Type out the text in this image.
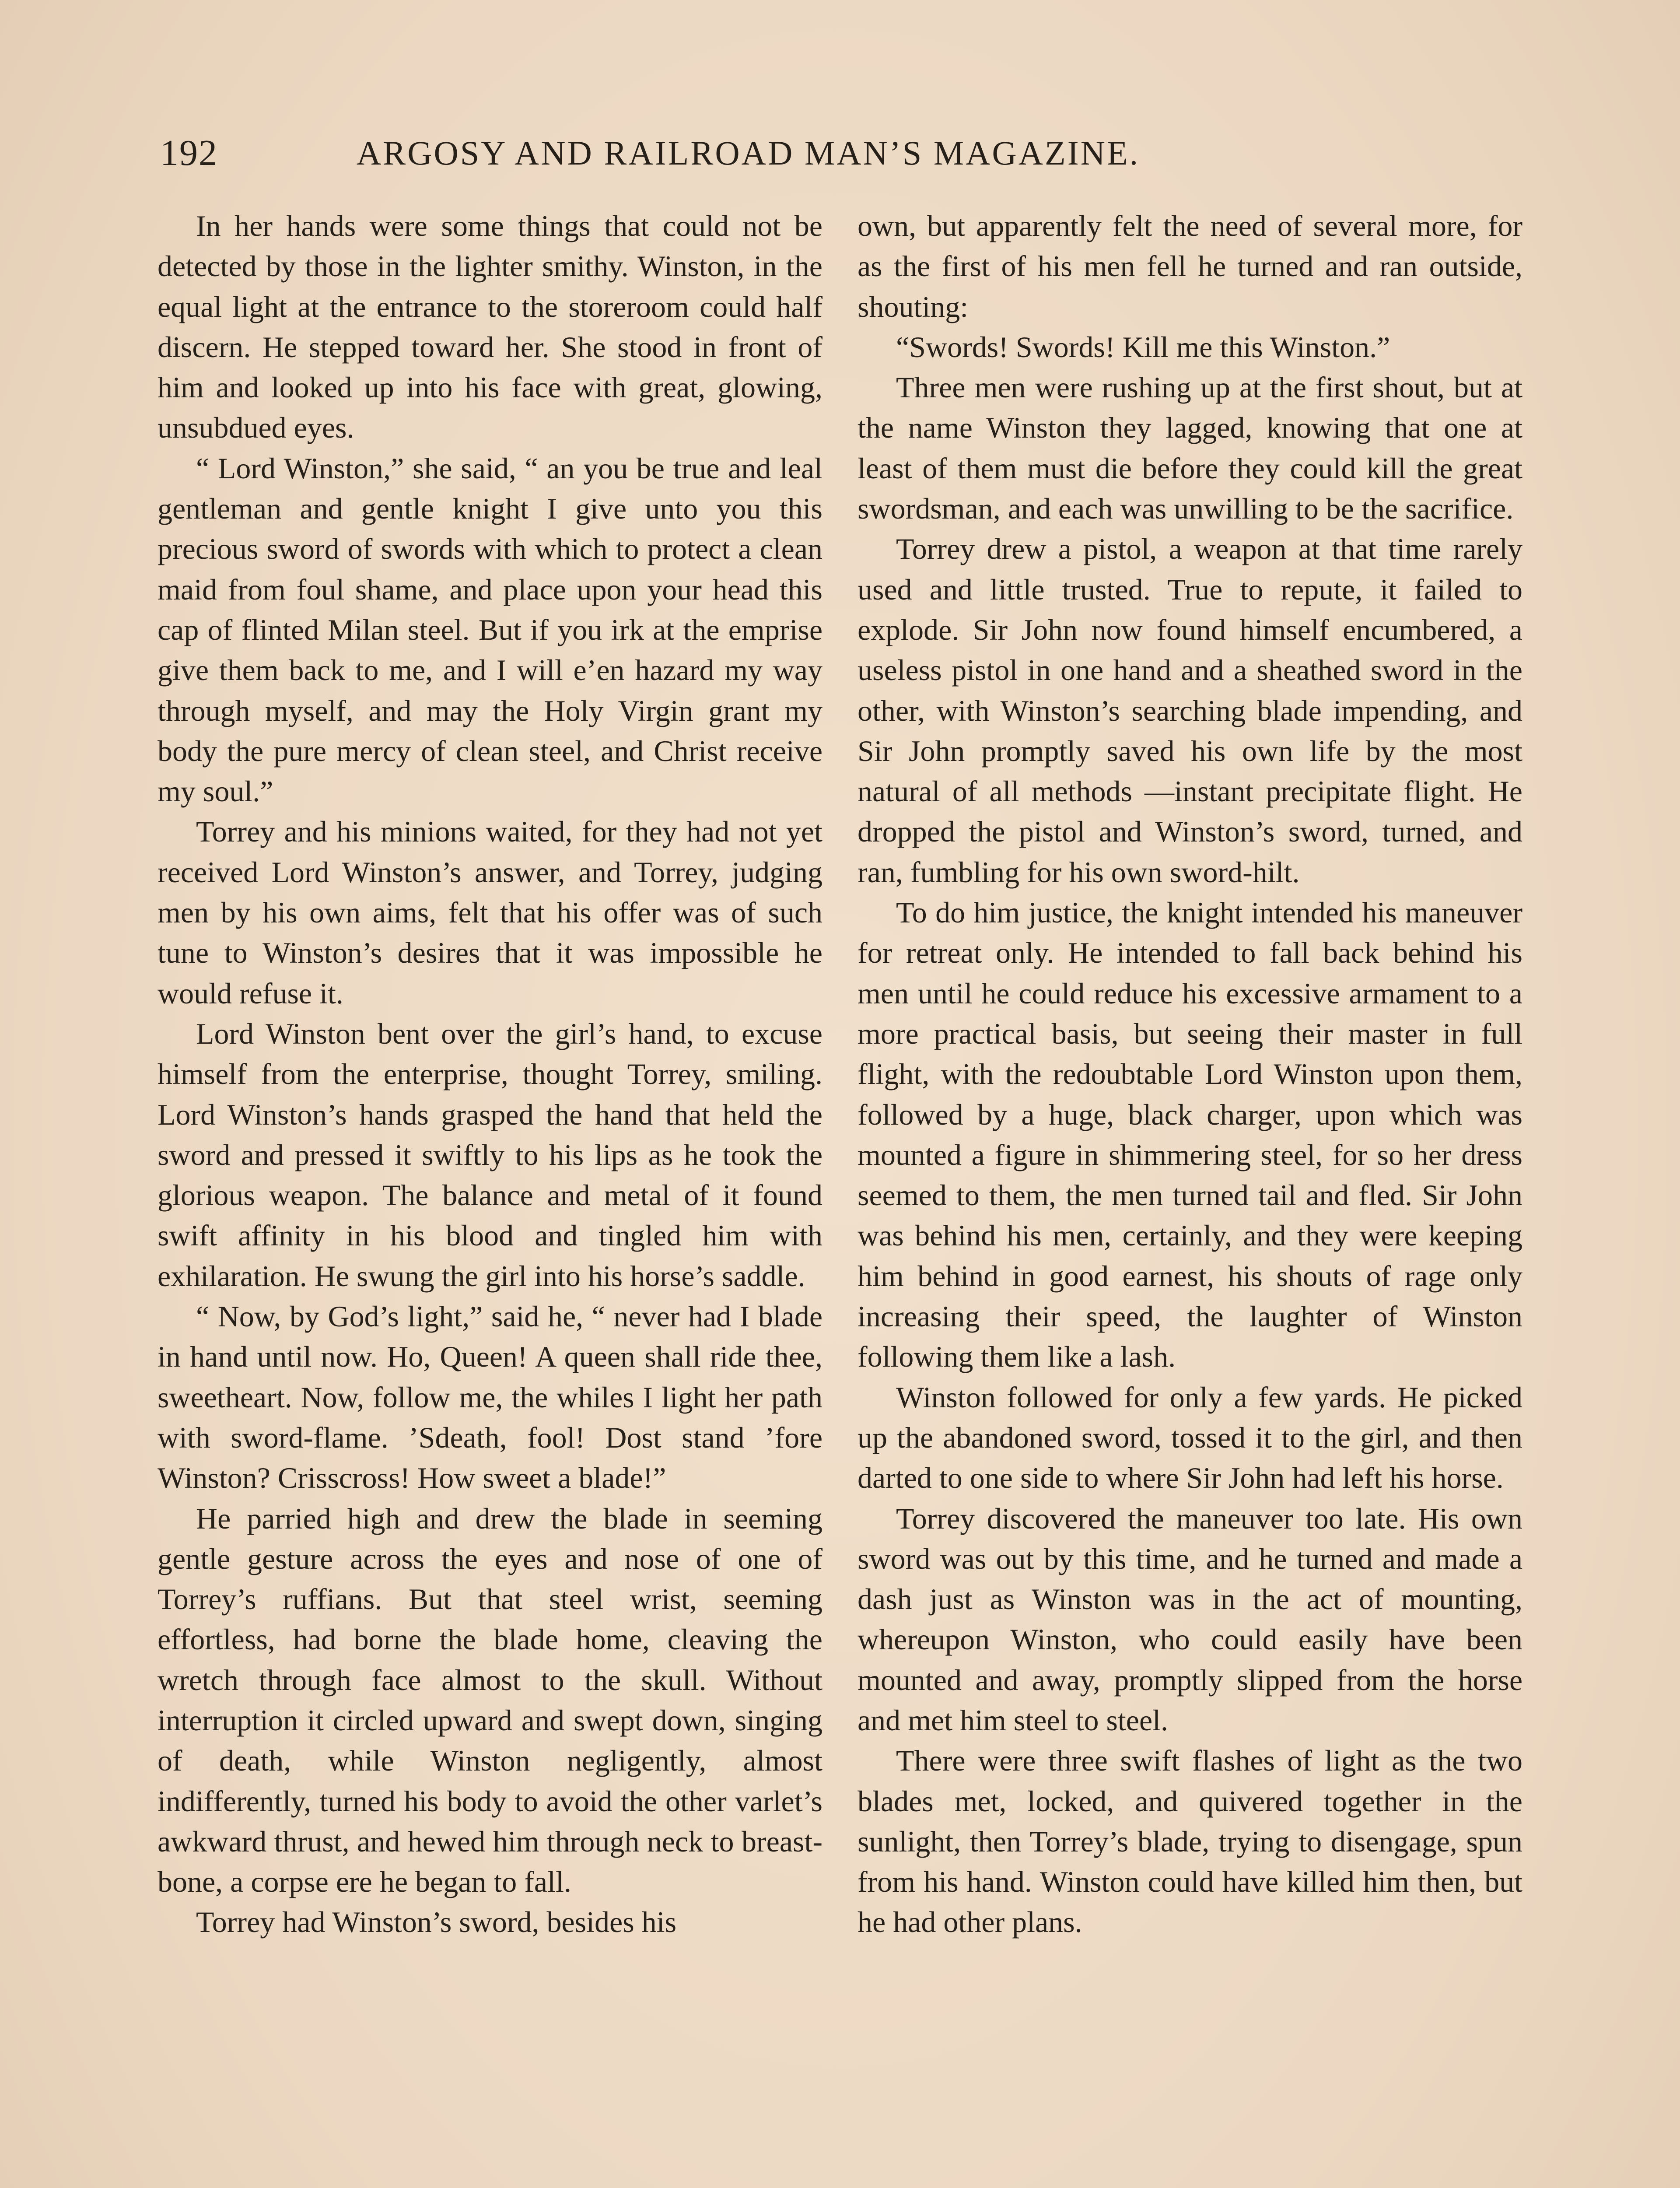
192	ARGOSY AND RAILROAD MAN’S MAGAZINE.

In her hands were some things that could not be detected by those in the lighter smithy. Winston, in the equal light at the entrance to the storeroom could half discern. He stepped toward her. She stood in front of him and looked up into his face with great, glowing, unsubdued eyes.

“ Lord Winston,” she said, “ an you be true and leal gentleman and gentle knight I give unto you this precious sword of swords with which to protect a clean maid from foul shame, and place upon your head this cap of flinted Milan steel. But if you irk at the emprise give them back to me, and I will e’en hazard my way through myself, and may the Holy Virgin grant my body the pure mercy of clean steel, and Christ receive my soul.”

Torrey and his minions waited, for they had not yet received Lord Winston’s answer, and Torrey, judging men by his own aims, felt that his offer was of such tune to Winston’s desires that it was impossible he would refuse it.

Lord Winston bent over the girl’s hand, to excuse himself from the enterprise, thought Torrey, smiling. Lord Winston’s hands grasped the hand that held the sword and pressed it swiftly to his lips as he took the glorious weapon. The balance and metal of it found swift affinity in his blood and tingled him with exhilaration. He swung the girl into his horse’s saddle.

“ Now, by God’s light,” said he, “ never had I blade in hand until now. Ho, Queen! A queen shall ride thee, sweetheart. Now, follow me, the whiles I light her path with sword-flame. ’Sdeath, fool! Dost stand ’fore Winston? Crisscross! How sweet a blade!”

He parried high and drew the blade in seeming gentle gesture across the eyes and nose of one of Torrey’s ruffians. But that steel wrist, seeming effortless, had borne the blade home, cleaving the wretch through face almost to the skull. Without interruption it circled upward and swept down, singing of death, while Winston negligently, almost indifferently, turned his body to avoid the other varlet’s awkward thrust, and hewed him through neck to breast-bone, a corpse ere he began to fall.

Torrey had Winston’s sword, besides his

own, but apparently felt the need of several more, for as the first of his men fell he turned and ran outside, shouting:

“Swords! Swords! Kill me this Winston.”

Three men were rushing up at the first shout, but at the name Winston they lagged, knowing that one at least of them must die before they could kill the great swordsman, and each was unwilling to be the sacrifice.

Torrey drew a pistol, a weapon at that time rarely used and little trusted. True to repute, it failed to explode. Sir John now found himself encumbered, a useless pistol in one hand and a sheathed sword in the other, with Winston’s searching blade impending, and Sir John promptly saved his own life by the most natural of all methods —instant precipitate flight. He dropped the pistol and Winston’s sword, turned, and ran, fumbling for his own sword-hilt.

To do him justice, the knight intended his maneuver for retreat only. He intended to fall back behind his men until he could reduce his excessive armament to a more practical basis, but seeing their master in full flight, with the redoubtable Lord Winston upon them, followed by a huge, black charger, upon which was mounted a figure in shimmering steel, for so her dress seemed to them, the men turned tail and fled. Sir John was behind his men, certainly, and they were keeping him behind in good earnest, his shouts of rage only increasing their speed, the laughter of Winston following them like a lash.

Winston followed for only a few yards. He picked up the abandoned sword, tossed it to the girl, and then darted to one side to where Sir John had left his horse.

Torrey discovered the maneuver too late. His own sword was out by this time, and he turned and made a dash just as Winston was in the act of mounting, whereupon Winston, who could easily have been mounted and away, promptly slipped from the horse and met him steel to steel.

There were three swift flashes of light as the two blades met, locked, and quivered together in the sunlight, then Torrey’s blade, trying to disengage, spun from his hand. Winston could have killed him then, but he had other plans.
